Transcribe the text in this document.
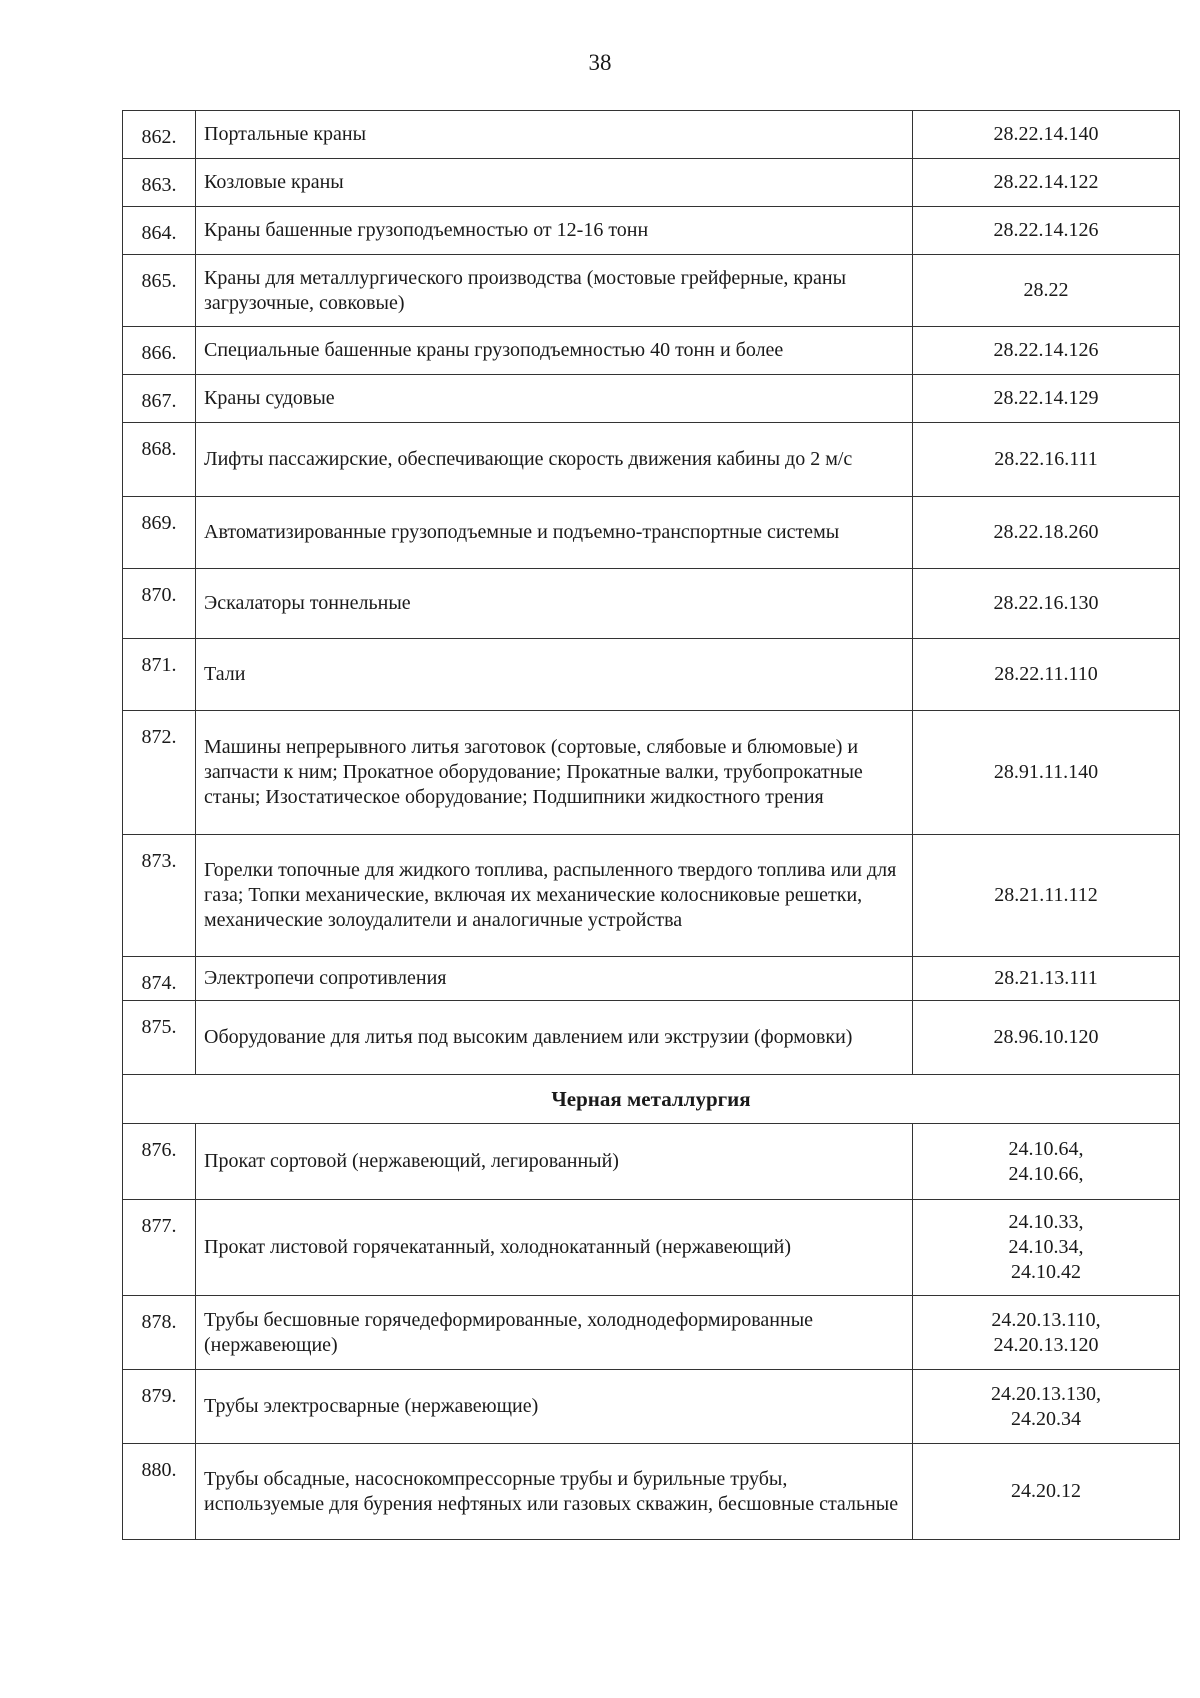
38
862.	Портальные краны	28.22.14.140

863.	Козловые краны	28.22.14.122

864.	Краны башенные грузоподъемностью от 12-16 тонн	28.22.14.126

865.	Краны для металлургического производства (мостовые грейферные, краны загрузочные, совковые)	28.22

866.	Специальные башенные краны грузоподъемностью 40 тонн и более	28.22.14.126

867.	Краны судовые	28.22.14.129

868.	Лифты пассажирские, обеспечивающие скорость движения кабины до 2 м/с	28.22.16.111

869.	Автоматизированные грузоподъемные и подъемно-транспортные системы	28.22.18.260

870.	Эскалаторы тоннельные	28.22.16.130

871.	Тали	28.22.11.110

872.	Машины непрерывного литья заготовок (сортовые, слябовые и блюмовые) и запчасти к ним; Прокатное оборудование; Прокатные валки, трубопрокатные станы; Изостатическое оборудование; Подшипники жидкостного трения	28.91.11.140

873.	Горелки топочные для жидкого топлива, распыленного твердого топлива или для газа; Топки механические, включая их механические колосниковые решетки, механические золоудалители и аналогичные устройства	28.21.11.112

874.	Электропечи сопротивления	28.21.13.111

875.	Оборудование для литья под высоким давлением или экструзии (формовки)	28.96.10.120

Черная металлургия		
876.	Прокат сортовой (нержавеющий, легированный)	24.10.64,
24.10.66,

877.	Прокат листовой горячекатанный, холоднокатанный (нержавеющий)	24.10.33,
24.10.34,
24.10.42

878.	Трубы бесшовные горячедеформированные, холоднодеформированные (нержавеющие)	24.20.13.110,
24.20.13.120

879.	Трубы электросварные (нержавеющие)	24.20.13.130,
24.20.34

880.	Трубы обсадные, насоснокомпрессорные трубы и бурильные трубы, используемые для бурения нефтяных или газовых скважин, бесшовные стальные	24.20.12
